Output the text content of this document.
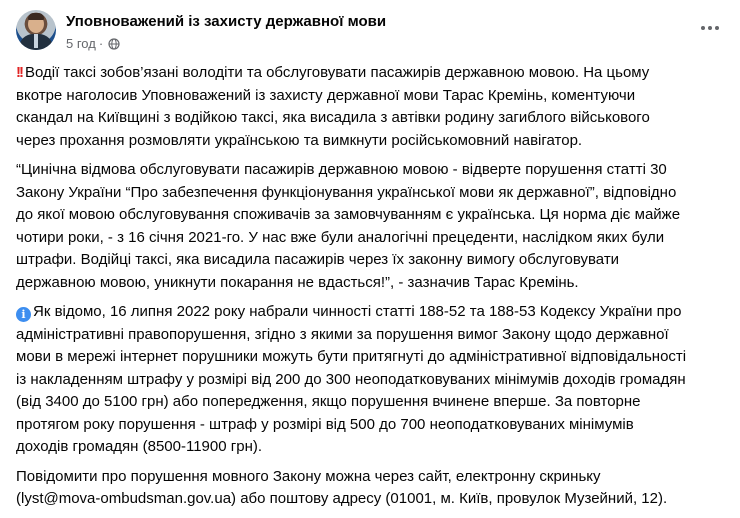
Уповноважений із захисту державної мови
5 год ·
!! Водії таксі зобов’язані володіти та обслуговувати пасажирів державною мовою. На цьому
вкотре наголосив Уповноважений із захисту державної мови Тарас Кремінь, коментуючи
скандал на Київщині з водійкою таксі, яка висадила з автівки родину загиблого військового
через прохання розмовляти українською та вимкнути російськомовний навігатор.
“Цинічна відмова обслуговувати пасажирів державною мовою - відверте порушення статті 30
Закону України “Про забезпечення функціонування української мови як державної”, відповідно
до якої мовою обслуговування споживачів за замовчуванням є українська. Ця норма діє майже
чотири роки, - з 16 січня 2021-го. У нас вже були аналогічні прецеденти, наслідком яких були
штрафи. Водійці таксі, яка висадила пасажирів через їх законну вимогу обслуговувати
державною мовою, уникнути покарання не вдасться!”, - зазначив Тарас Кремінь.
i Як відомо, 16 липня 2022 року набрали чинності статті 188-52 та 188-53 Кодексу України про
адміністративні правопорушення, згідно з якими за порушення вимог Закону щодо державної
мови в мережі інтернет порушники можуть бути притягнуті до адміністративної відповідальності
із накладенням штрафу у розмірі від 200 до 300 неоподатковуваних мінімумів доходів громадян
(від 3400 до 5100 грн) або попередження, якщо порушення вчинене вперше. За повторне
протягом року порушення - штраф у розмірі від 500 до 700 неоподатковуваних мінімумів
доходів громадян (8500-11900 грн).
Повідомити про порушення мовного Закону можна через сайт, електронну скриньку
(lyst@mova-ombudsman.gov.ua) або поштову адресу (01001, м. Київ, провулок Музейний, 12).
